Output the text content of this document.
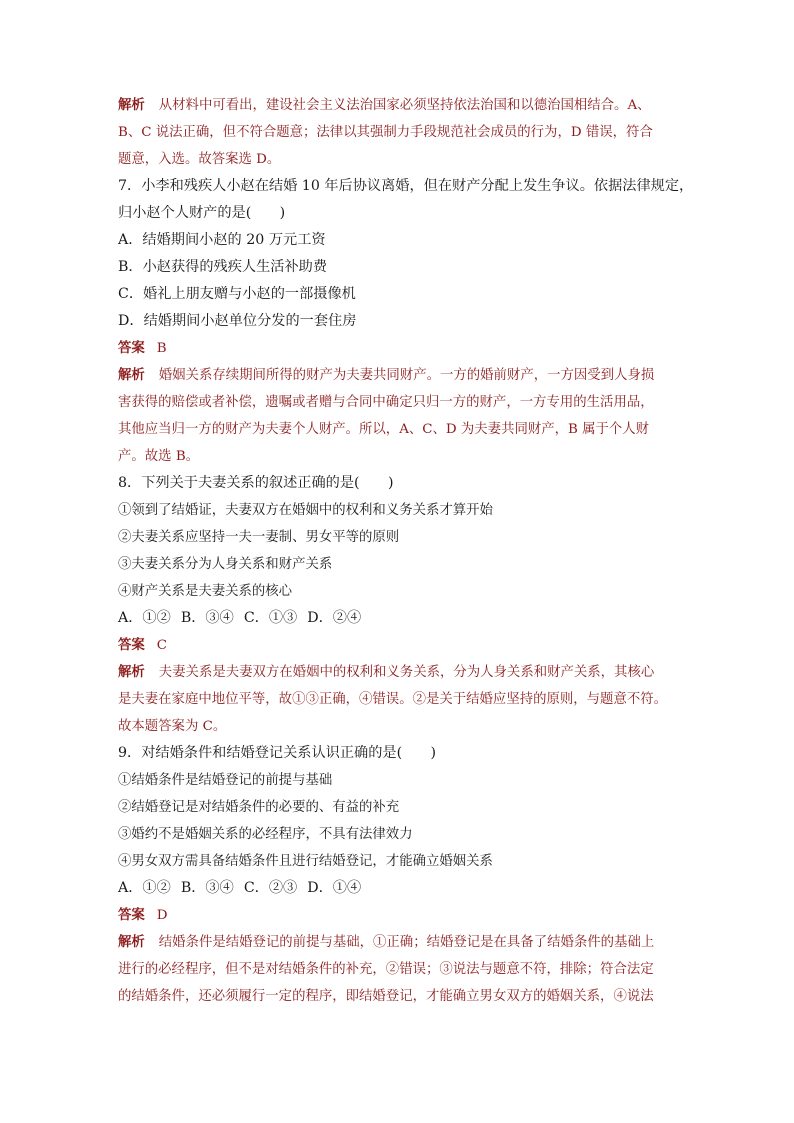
解析 从材料中可看出，建设社会主义法治国家必须坚持依法治国和以德治国相结合。A、
B、C 说法正确，但不符合题意；法律以其强制力手段规范社会成员的行为，D 错误，符合
题意，入选。故答案选 D。
7．小李和残疾人小赵在结婚 10 年后协议离婚，但在财产分配上发生争议。依据法律规定，
归小赵个人财产的是(　　)
A．结婚期间小赵的 20 万元工资
B．小赵获得的残疾人生活补助费
C．婚礼上朋友赠与小赵的一部摄像机
D．结婚期间小赵单位分发的一套住房
答案 B
解析 婚姻关系存续期间所得的财产为夫妻共同财产。一方的婚前财产，一方因受到人身损
害获得的赔偿或者补偿，遗嘱或者赠与合同中确定只归一方的财产，一方专用的生活用品，
其他应当归一方的财产为夫妻个人财产。所以，A、C、D 为夫妻共同财产，B 属于个人财
产。故选 B。
8．下列关于夫妻关系的叙述正确的是(　　)
①领到了结婚证，夫妻双方在婚姻中的权利和义务关系才算开始
②夫妻关系应坚持一夫一妻制、男女平等的原则
③夫妻关系分为人身关系和财产关系
④财产关系是夫妻关系的核心
A．①② B．③④ C．①③ D．②④
答案 C
解析 夫妻关系是夫妻双方在婚姻中的权利和义务关系，分为人身关系和财产关系，其核心
是夫妻在家庭中地位平等，故①③正确，④错误。②是关于结婚应坚持的原则，与题意不符。
故本题答案为 C。
9．对结婚条件和结婚登记关系认识正确的是(　　)
①结婚条件是结婚登记的前提与基础
②结婚登记是对结婚条件的必要的、有益的补充
③婚约不是婚姻关系的必经程序，不具有法律效力
④男女双方需具备结婚条件且进行结婚登记，才能确立婚姻关系
A．①② B．③④ C．②③ D．①④
答案 D
解析 结婚条件是结婚登记的前提与基础，①正确；结婚登记是在具备了结婚条件的基础上
进行的必经程序，但不是对结婚条件的补充，②错误；③说法与题意不符，排除；符合法定
的结婚条件，还必须履行一定的程序，即结婚登记，才能确立男女双方的婚姻关系，④说法
